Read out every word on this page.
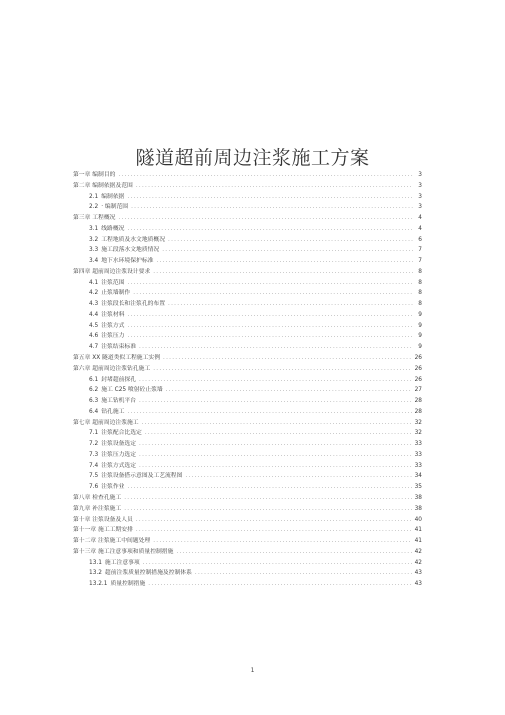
隧道超前周边注浆施工方案
第一章 编制目的 .....	3
第二章 编制依据及范围 .....	3
2.1 编制依据 .....	3
2.2 · 编制范围 .....	3
第三章 工程概况 .....	4
3.1 线路概况 .....	4
3.2 工程地质及水文地质概况 .....	6
3.3 施工段落水文地质情况 .....	7
3.4 地下水环境保护标准 .....	7
第四章 超前周边注浆设计要求 .....	8
4.1 注浆范围 .....	8
4.2 止浆墙制作 .....	8
4.3 注浆段长和注浆孔的布置 .....	8
4.4 注浆材料 .....	9
4.5 注浆方式 .....	9
4.6 注浆压力 .....	9
4.7 注浆结束标准 .....	9
第五章 XX 隧道类似工程施工实例 .....	26
第六章 超前周边注浆钻孔施工 .....	26
6.1 封堵超前探孔 .....	26
6.2 施工 C25 喷射砼止浆墙 .....	27
6.3 施工钻机平台 .....	28
6.4 钻孔施工 .....	28
第七章 超前周边注浆施工 .....	32
7.1 注浆配合比选定 .....	32
7.2 注浆设备选定 .....	33
7.3 注浆压力选定 .....	33
7.4 注浆方式选定 .....	33
7.5 注浆设备搭示意图及工艺流程图 .....	34
7.6 注浆作业 .....	35
第八章 检查孔施工 .....	38
第九章 补注浆施工 .....	38
第十章 注浆设备及人员 .....	40
第十一章 施工工期安排 .....	41
第十二章 注浆施工中间题处理 .....	41
第十三章 施工注意事项和质量控制措施 .....	42
13.1 施工注意事项 .....	42
13.2 超前注浆质量控制措施及控制体系 .....	43
13.2.1 质量控制措施 .....	43
1
